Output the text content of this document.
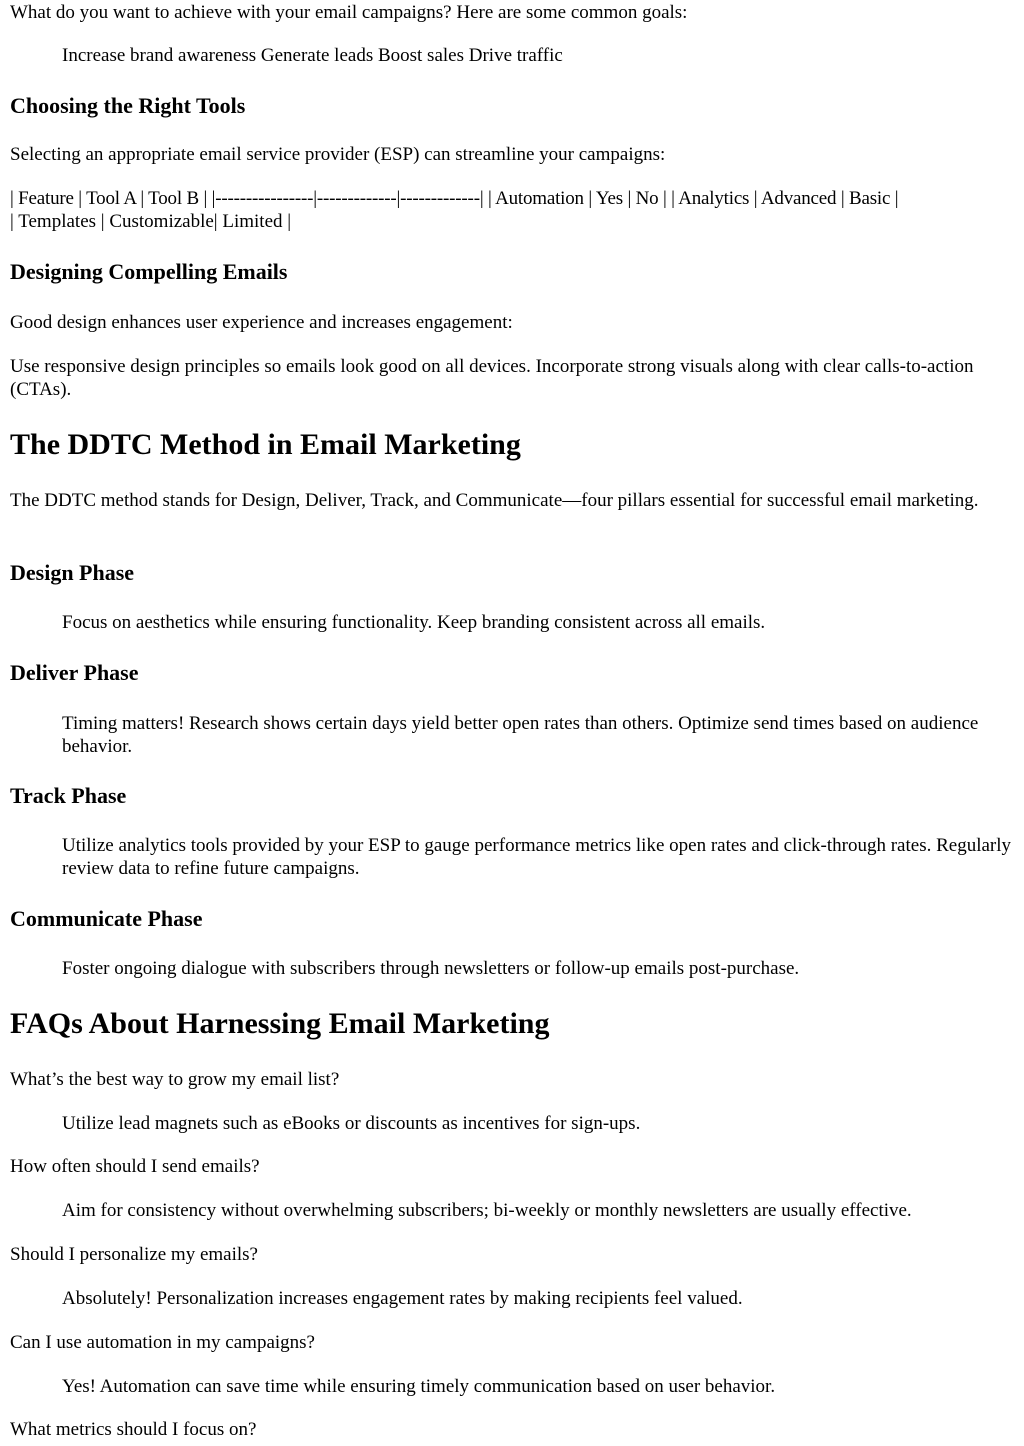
What do you want to achieve with your email campaigns? Here are some common goals:

Increase brand awareness Generate leads Boost sales Drive traffic

Choosing the Right Tools

Selecting an appropriate email service provider (ESP) can streamline your campaigns:

| Feature | Tool A | Tool B | |----------------|-------------|-------------| | Automation | Yes | No | | Analytics | Advanced | Basic |
| Templates | Customizable| Limited |
Designing Compelling Emails

Good design enhances user experience and increases engagement:

Use responsive design principles so emails look good on all devices. Incorporate strong visuals along with clear calls-to-action (CTAs).

The DDTC Method in Email Marketing

The DDTC method stands for Design, Deliver, Track, and Communicate—four pillars essential for successful email marketing.

Design Phase

Focus on aesthetics while ensuring functionality. Keep branding consistent across all emails.

Deliver Phase

Timing matters! Research shows certain days yield better open rates than others. Optimize send times based on audience behavior.

Track Phase

Utilize analytics tools provided by your ESP to gauge performance metrics like open rates and click-through rates. Regularly review data to refine future campaigns.

Communicate Phase

Foster ongoing dialogue with subscribers through newsletters or follow-up emails post-purchase.

FAQs About Harnessing Email Marketing

What’s the best way to grow my email list?

Utilize lead magnets such as eBooks or discounts as incentives for sign-ups.

How often should I send emails?

Aim for consistency without overwhelming subscribers; bi-weekly or monthly newsletters are usually effective.

Should I personalize my emails?

Absolutely! Personalization increases engagement rates by making recipients feel valued.

Can I use automation in my campaigns?

Yes! Automation can save time while ensuring timely communication based on user behavior.

What metrics should I focus on?
